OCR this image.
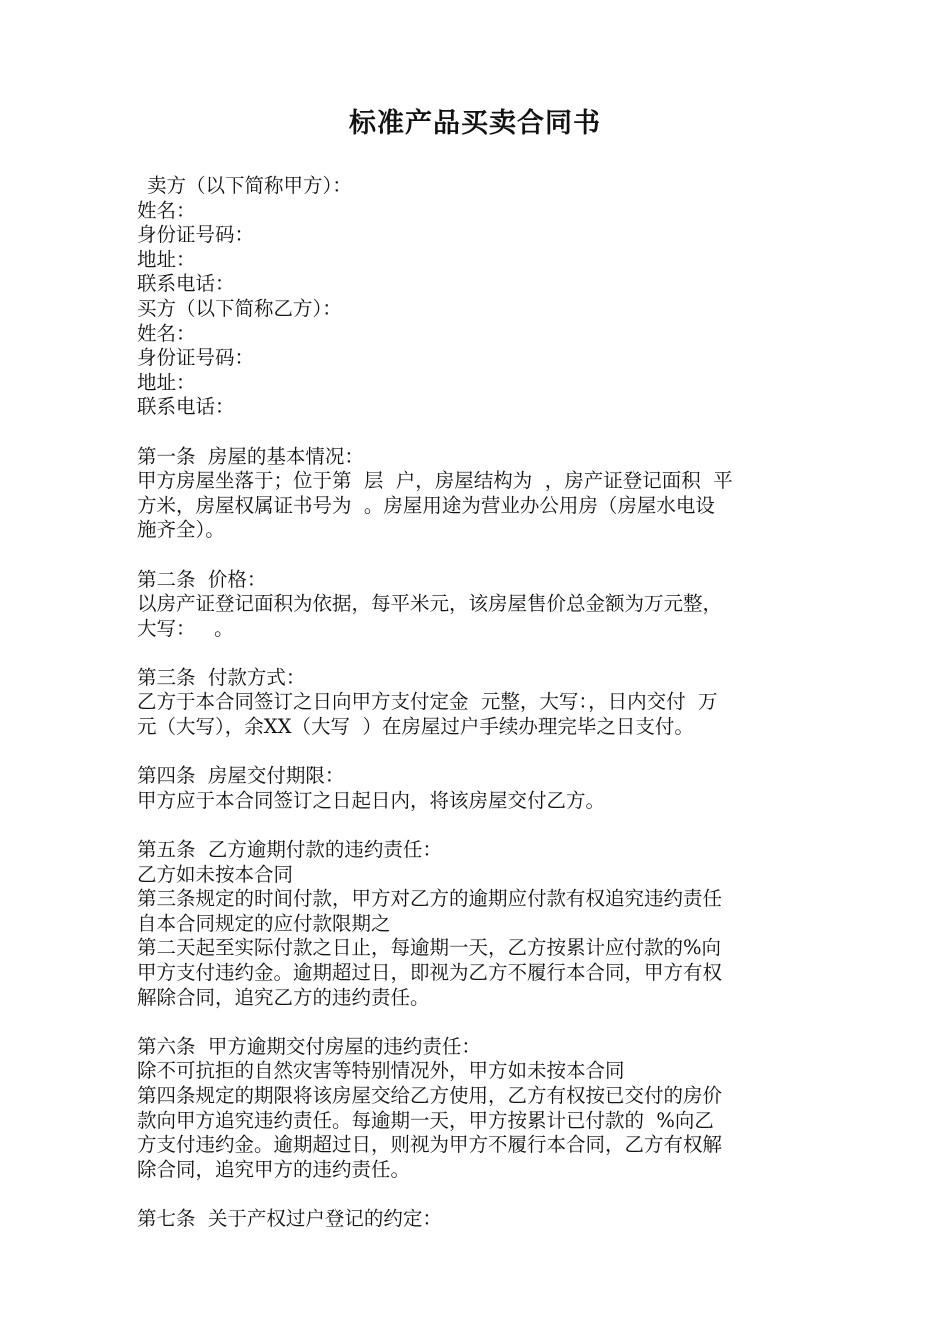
标准产品买卖合同书
卖方（以下简称甲方）：
姓名：
身份证号码：
地址：
联系电话：
买方（以下简称乙方）：
姓名：
身份证号码：
地址：
联系电话：
第一条  房屋的基本情况：
甲方房屋坐落于；位于第  层  户，房屋结构为  ，房产证登记面积  平
方米，房屋权属证书号为  。房屋用途为营业办公用房（房屋水电设
施齐全）。
第二条  价格：
以房产证登记面积为依据，每平米元，该房屋售价总金额为万元整，
大写：   。
第三条  付款方式：
乙方于本合同签订之日向甲方支付定金  元整，大写：，日内交付  万
元（大写），余XX（大写  ）在房屋过户手续办理完毕之日支付。
第四条  房屋交付期限：
甲方应于本合同签订之日起日内，将该房屋交付乙方。
第五条  乙方逾期付款的违约责任：
乙方如未按本合同
第三条规定的时间付款，甲方对乙方的逾期应付款有权追究违约责任
自本合同规定的应付款限期之
第二天起至实际付款之日止，每逾期一天，乙方按累计应付款的%向
甲方支付违约金。逾期超过日，即视为乙方不履行本合同，甲方有权
解除合同，追究乙方的违约责任。
第六条  甲方逾期交付房屋的违约责任：
除不可抗拒的自然灾害等特别情况外，甲方如未按本合同
第四条规定的期限将该房屋交给乙方使用，乙方有权按已交付的房价
款向甲方追究违约责任。每逾期一天，甲方按累计已付款的  %向乙
方支付违约金。逾期超过日，则视为甲方不履行本合同，乙方有权解
除合同，追究甲方的违约责任。
第七条  关于产权过户登记的约定：
